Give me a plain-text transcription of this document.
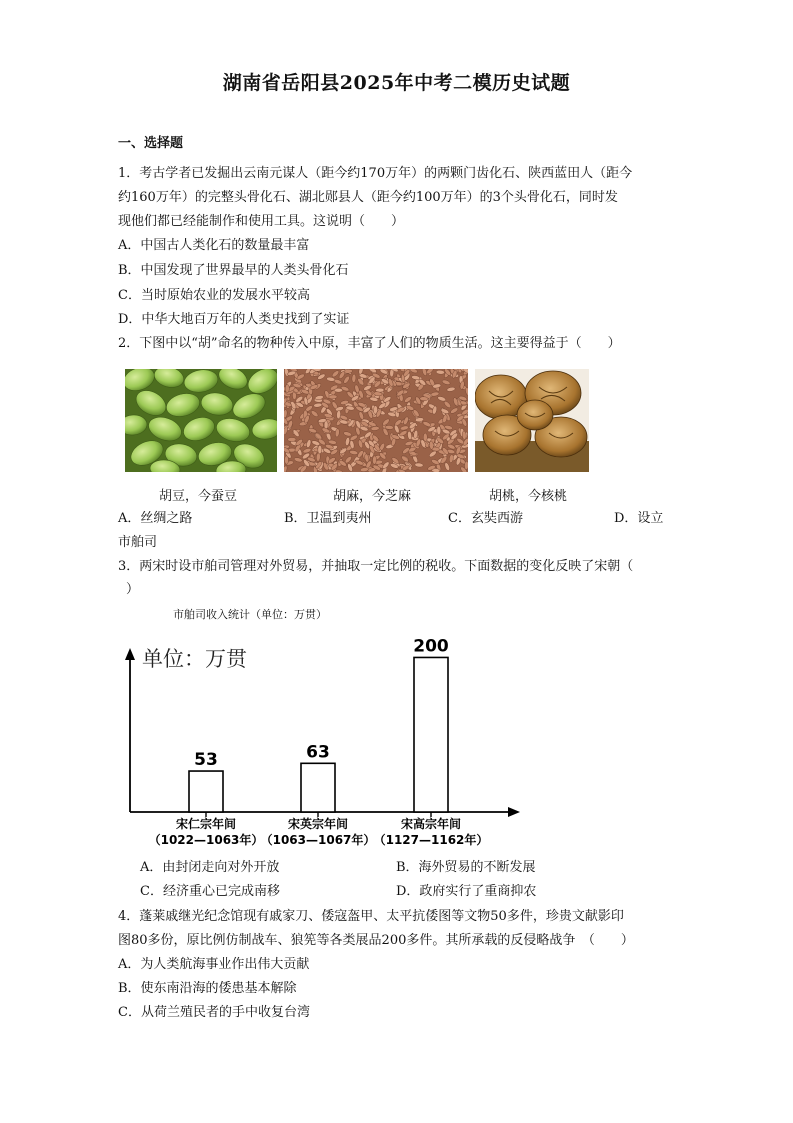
湖南省岳阳县2025年中考二模历史试题
一、选择题
1．考古学者已发掘出云南元谋人（距今约170万年）的两颗门齿化石、陕西蓝田人（距今
约160万年）的完整头骨化石、湖北郧县人（距今约100万年）的3个头骨化石，同时发
现他们都已经能制作和使用工具。这说明（　　）
A．中国古人类化石的数量最丰富
B．中国发现了世界最早的人类头骨化石
C．当时原始农业的发展水平较高
D．中华大地百万年的人类史找到了实证
2．下图中以“胡”命名的物种传入中原，丰富了人们的物质生活。这主要得益于（　　）
胡豆，今蚕豆	胡麻，今芝麻	胡桃，今核桃
A．丝绸之路	B．卫温到夷州	C．玄奘西游	D．设立
市舶司
3．两宋时设市舶司管理对外贸易，并抽取一定比例的税收。下面数据的变化反映了宋朝（
）
市舶司收入统计（单位：万贯）
单位：万贯
53
宋仁宗年间
（1022—1063年）
63
宋英宗年间
（1063—1067年）
200
宋高宗年间
（1127—1162年）
A．由封闭走向对外开放	B．海外贸易的不断发展
C．经济重心已完成南移	D．政府实行了重商抑农
4．蓬莱戚继光纪念馆现有戚家刀、倭寇盔甲、太平抗倭图等文物50多件，珍贵文献影印
图80多份，原比例仿制战车、狼筅等各类展品200多件。其所承载的反侵略战争　（　　）
A．为人类航海事业作出伟大贡献
B．使东南沿海的倭患基本解除
C．从荷兰殖民者的手中收复台湾
